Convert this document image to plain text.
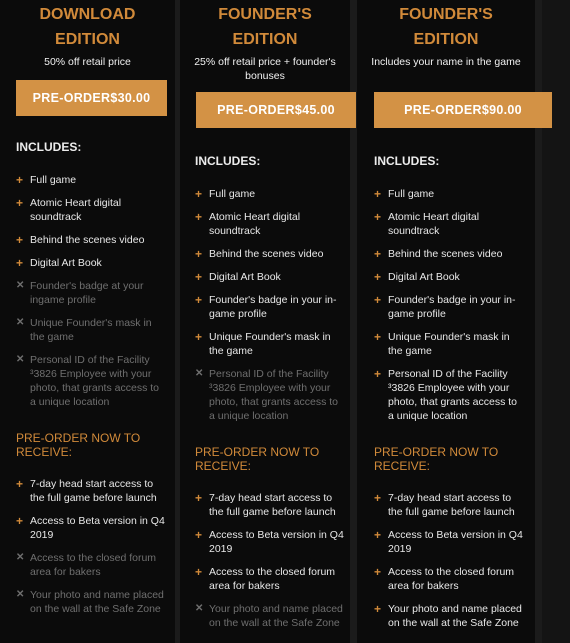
DOWNLOAD
EDITION
50% off retail price
PRE-ORDER$30.00
INCLUDES:
+ Full game
+ Atomic Heart digital soundtrack
+ Behind the scenes video
+ Digital Art Book
✕ Founder's badge at your ingame profile
✕ Unique Founder's mask in the game
✕ Personal ID of the Facility ³3826 Employee with your photo, that grants access to a unique location
PRE-ORDER NOW TO RECEIVE:
+ 7-day head start access to the full game before launch
+ Access to Beta version in Q4 2019
✕ Access to the closed forum area for bakers
✕ Your photo and name placed on the wall at the Safe Zone
FOUNDER'S
EDITION
25% off retail price + founder's bonuses
PRE-ORDER$45.00
INCLUDES:
+ Full game
+ Atomic Heart digital soundtrack
+ Behind the scenes video
+ Digital Art Book
+ Founder's badge in your in-game profile
+ Unique Founder's mask in the game
✕ Personal ID of the Facility ³3826 Employee with your photo, that grants access to a unique location
PRE-ORDER NOW TO RECEIVE:
+ 7-day head start access to the full game before launch
+ Access to Beta version in Q4 2019
+ Access to the closed forum area for bakers
✕ Your photo and name placed on the wall at the Safe Zone
FOUNDER'S
EDITION
Includes your name in the game
PRE-ORDER$90.00
INCLUDES:
+ Full game
+ Atomic Heart digital soundtrack
+ Behind the scenes video
+ Digital Art Book
+ Founder's badge in your in-game profile
+ Unique Founder's mask in the game
+ Personal ID of the Facility ³3826 Employee with your photo, that grants access to a unique location
PRE-ORDER NOW TO RECEIVE:
+ 7-day head start access to the full game before launch
+ Access to Beta version in Q4 2019
+ Access to the closed forum area for bakers
+ Your photo and name placed on the wall at the Safe Zone
